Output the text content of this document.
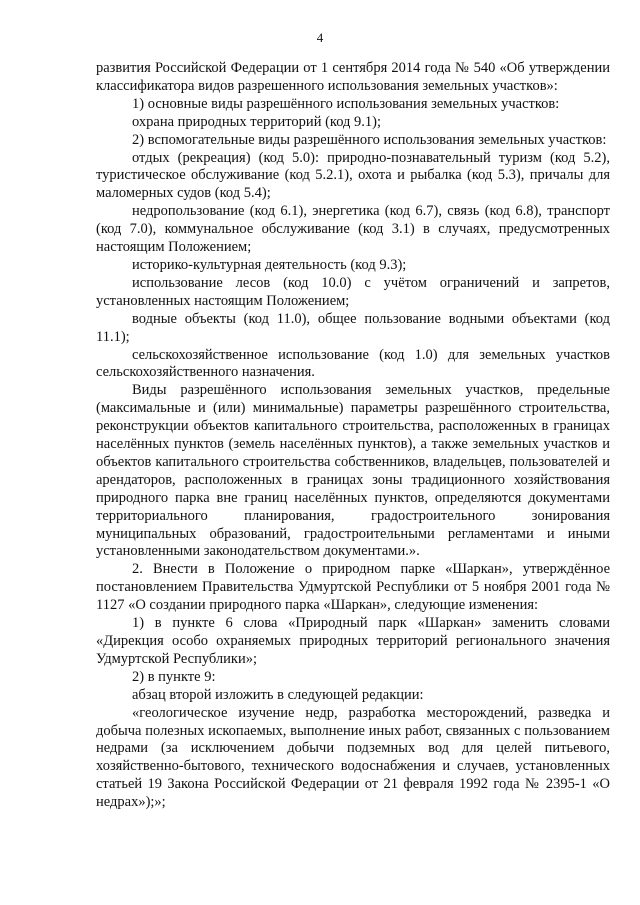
4

развития Российской Федерации от 1 сентября 2014 года № 540 «Об утверждении классификатора видов разрешенного использования земельных участков»:

1) основные виды разрешённого использования земельных участков:

охрана природных территорий (код 9.1);

2) вспомогательные виды разрешённого использования земельных участков:

отдых (рекреация) (код 5.0): природно-познавательный туризм (код 5.2), туристическое обслуживание (код 5.2.1), охота и рыбалка (код 5.3), причалы для маломерных судов (код 5.4);

недропользование (код 6.1), энергетика (код 6.7), связь (код 6.8), транспорт (код 7.0), коммунальное обслуживание (код 3.1) в случаях, предусмотренных настоящим Положением;

историко-культурная деятельность (код 9.3);

использование лесов (код 10.0) с учётом ограничений и запретов, установленных настоящим Положением;

водные объекты (код 11.0), общее пользование водными объектами (код 11.1);

сельскохозяйственное использование (код 1.0) для земельных участков сельскохозяйственного назначения.

Виды разрешённого использования земельных участков, предельные (максимальные и (или) минимальные) параметры разрешённого строительства, реконструкции объектов капитального строительства, расположенных в границах населённых пунктов (земель населённых пунктов), а также земельных участков и объектов капитального строительства собственников, владельцев, пользователей и арендаторов, расположенных в границах зоны традиционного хозяйствования природного парка вне границ населённых пунктов, определяются документами территориального планирования, градостроительного зонирования муниципальных образований, градостроительными регламентами и иными установленными законодательством документами.».

2. Внести в Положение о природном парке «Шаркан», утверждённое постановлением Правительства Удмуртской Республики от 5 ноября 2001 года № 1127 «О создании природного парка «Шаркан», следующие изменения:

1) в пункте 6 слова «Природный парк «Шаркан» заменить словами «Дирекция особо охраняемых природных территорий регионального значения Удмуртской Республики»;

2) в пункте 9:

абзац второй изложить в следующей редакции:

«геологическое изучение недр, разработка месторождений, разведка и добыча полезных ископаемых, выполнение иных работ, связанных с пользованием недрами (за исключением добычи подземных вод для целей питьевого, хозяйственно-бытового, технического водоснабжения и случаев, установленных статьей 19 Закона Российской Федерации от 21 февраля 1992 года № 2395-1 «О недрах»);»;
